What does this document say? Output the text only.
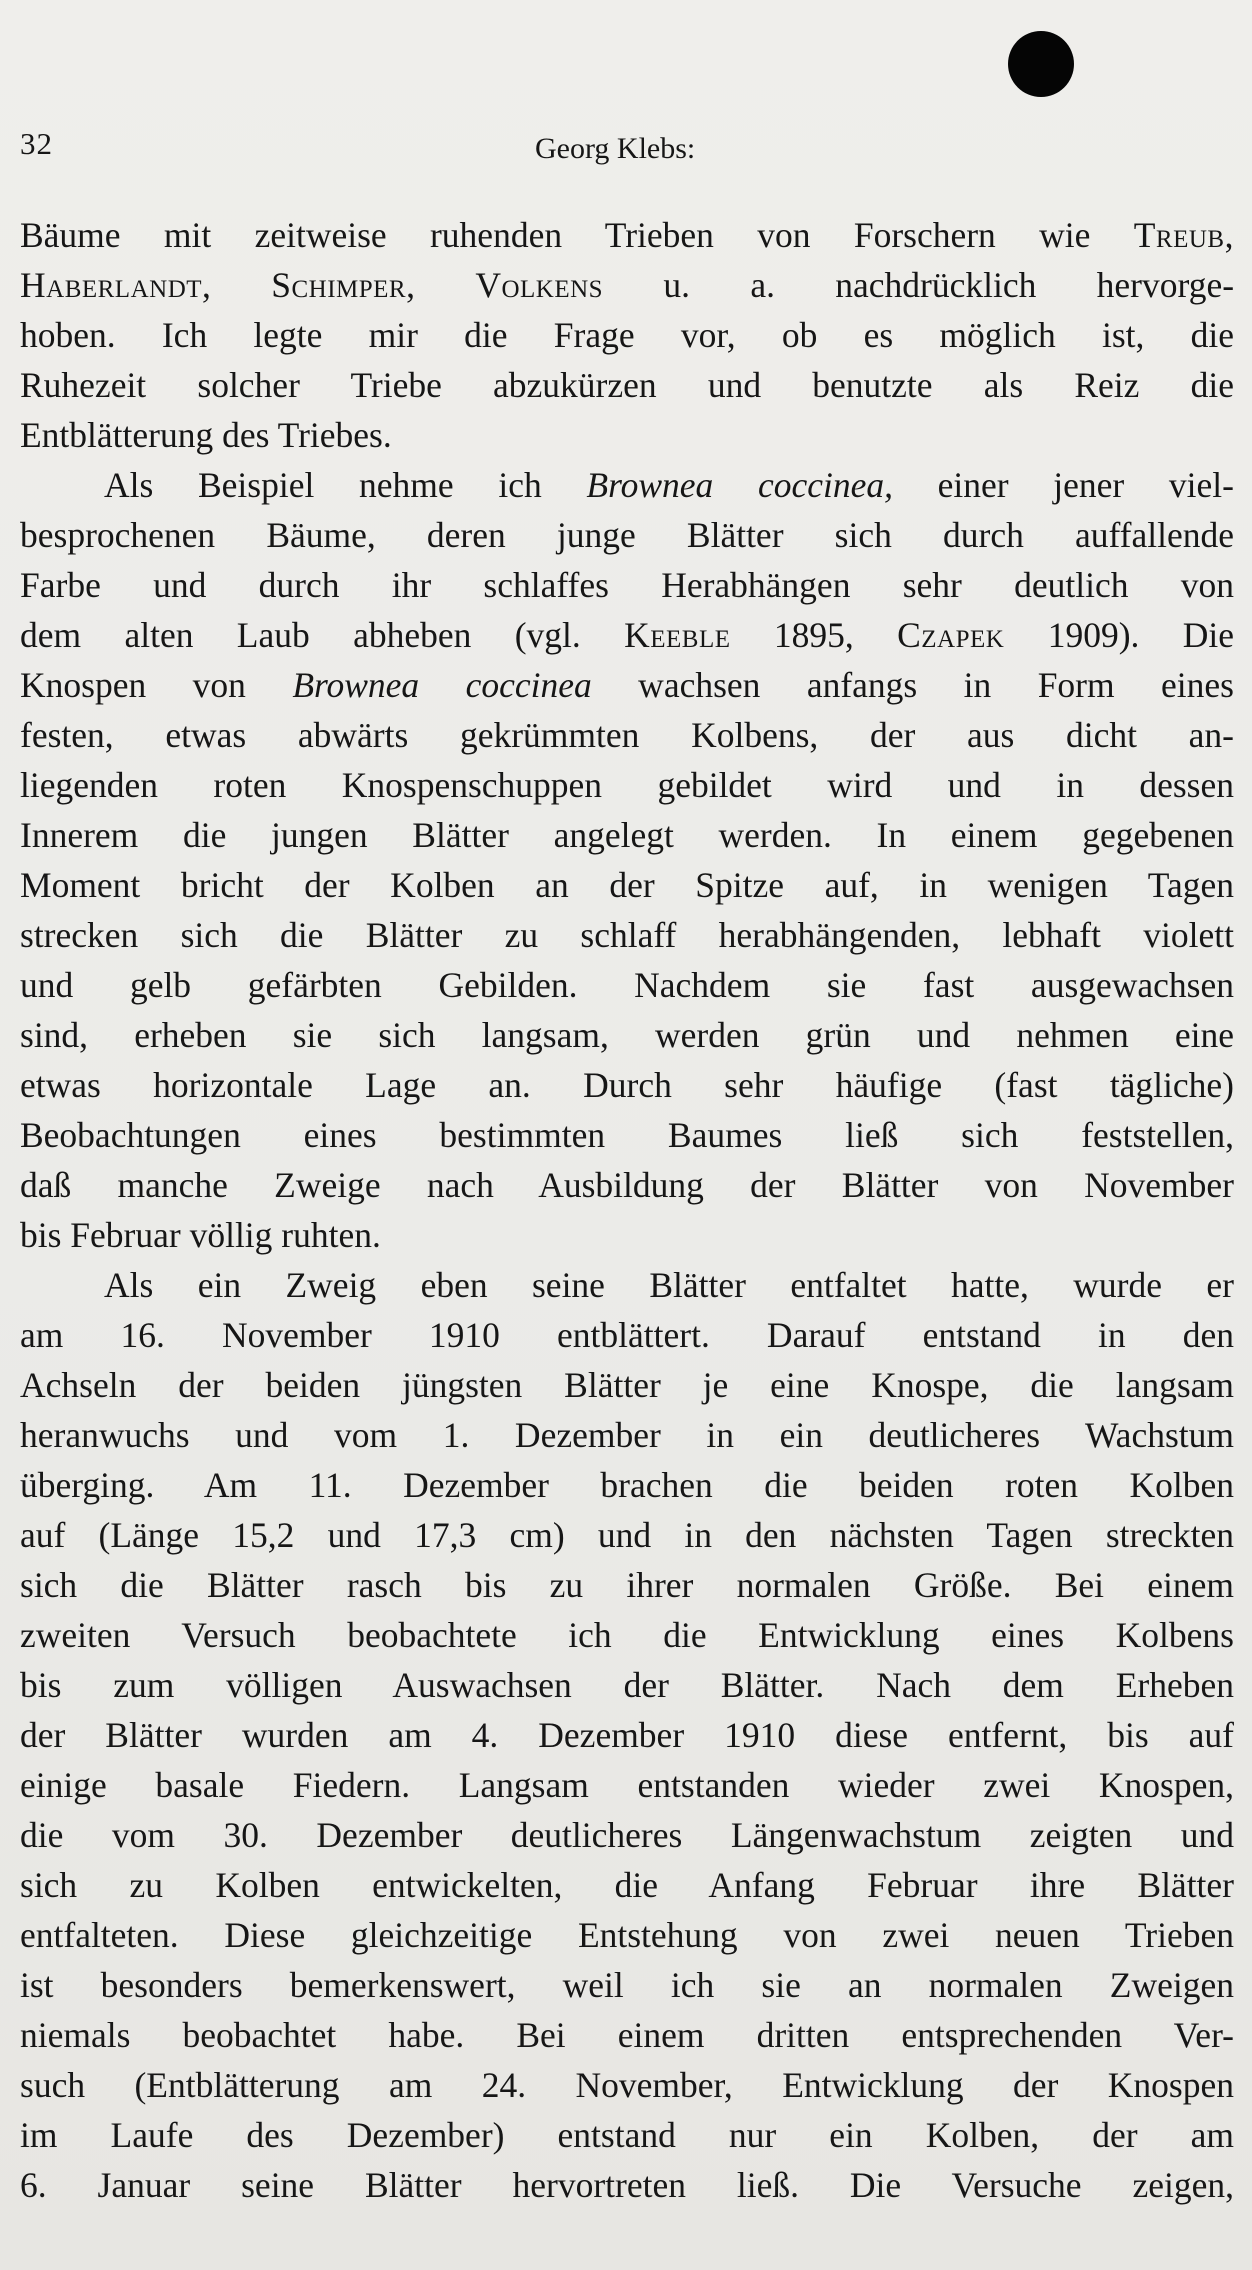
32	Georg Klebs:
Bäume mit zeitweise ruhenden Trieben von Forschern wie Treub,
Haberlandt, Schimper, Volkens u. a. nachdrücklich hervorge-
hoben. Ich legte mir die Frage vor, ob es möglich ist, die
Ruhezeit solcher Triebe abzukürzen und benutzte als Reiz die
Entblätterung des Triebes.
Als Beispiel nehme ich Brownea coccinea, einer jener viel-
besprochenen Bäume, deren junge Blätter sich durch auffallende
Farbe und durch ihr schlaffes Herabhängen sehr deutlich von
dem alten Laub abheben (vgl. Keeble 1895, Czapek 1909). Die
Knospen von Brownea coccinea wachsen anfangs in Form eines
festen, etwas abwärts gekrümmten Kolbens, der aus dicht an-
liegenden roten Knospenschuppen gebildet wird und in dessen
Innerem die jungen Blätter angelegt werden. In einem gegebenen
Moment bricht der Kolben an der Spitze auf, in wenigen Tagen
strecken sich die Blätter zu schlaff herabhängenden, lebhaft violett
und gelb gefärbten Gebilden. Nachdem sie fast ausgewachsen
sind, erheben sie sich langsam, werden grün und nehmen eine
etwas horizontale Lage an. Durch sehr häufige (fast tägliche)
Beobachtungen eines bestimmten Baumes ließ sich feststellen,
daß manche Zweige nach Ausbildung der Blätter von November
bis Februar völlig ruhten.
Als ein Zweig eben seine Blätter entfaltet hatte, wurde er
am 16. November 1910 entblättert. Darauf entstand in den
Achseln der beiden jüngsten Blätter je eine Knospe, die langsam
heranwuchs und vom 1. Dezember in ein deutlicheres Wachstum
überging. Am 11. Dezember brachen die beiden roten Kolben
auf (Länge 15,2 und 17,3 cm) und in den nächsten Tagen streckten
sich die Blätter rasch bis zu ihrer normalen Größe. Bei einem
zweiten Versuch beobachtete ich die Entwicklung eines Kolbens
bis zum völligen Auswachsen der Blätter. Nach dem Erheben
der Blätter wurden am 4. Dezember 1910 diese entfernt, bis auf
einige basale Fiedern. Langsam entstanden wieder zwei Knospen,
die vom 30. Dezember deutlicheres Längenwachstum zeigten und
sich zu Kolben entwickelten, die Anfang Februar ihre Blätter
entfalteten. Diese gleichzeitige Entstehung von zwei neuen Trieben
ist besonders bemerkenswert, weil ich sie an normalen Zweigen
niemals beobachtet habe. Bei einem dritten entsprechenden Ver-
such (Entblätterung am 24. November, Entwicklung der Knospen
im Laufe des Dezember) entstand nur ein Kolben, der am
6. Januar seine Blätter hervortreten ließ. Die Versuche zeigen,
